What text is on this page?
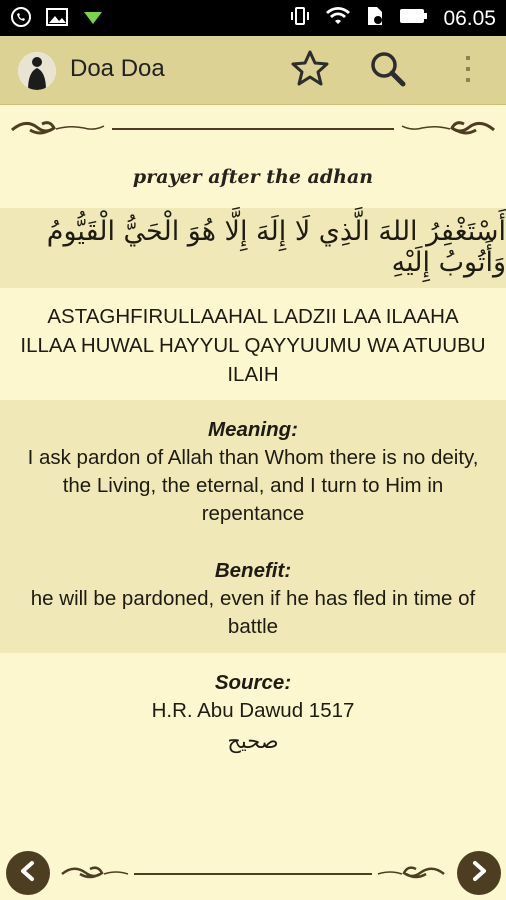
06.05
Doa Doa
prayer after the adhan
أَسْتَغْفِرُ اللهَ الَّذِي لَا إِلَهَ إِلَّا هُوَ الْحَيُّ الْقَيُّومُ وَأَتُوبُ إِلَيْهِ
ASTAGHFIRULLAAHAL LADZII LAA ILAAHA ILLAA HUWAL HAYYUL QAYYUUMU WA ATUUBU ILAIH
Meaning:
I ask pardon of Allah than Whom there is no deity, the Living, the eternal, and I turn to Him in repentance
Benefit:
he will be pardoned, even if he has fled in time of battle
Source:
H.R. Abu Dawud 1517
صحيح
